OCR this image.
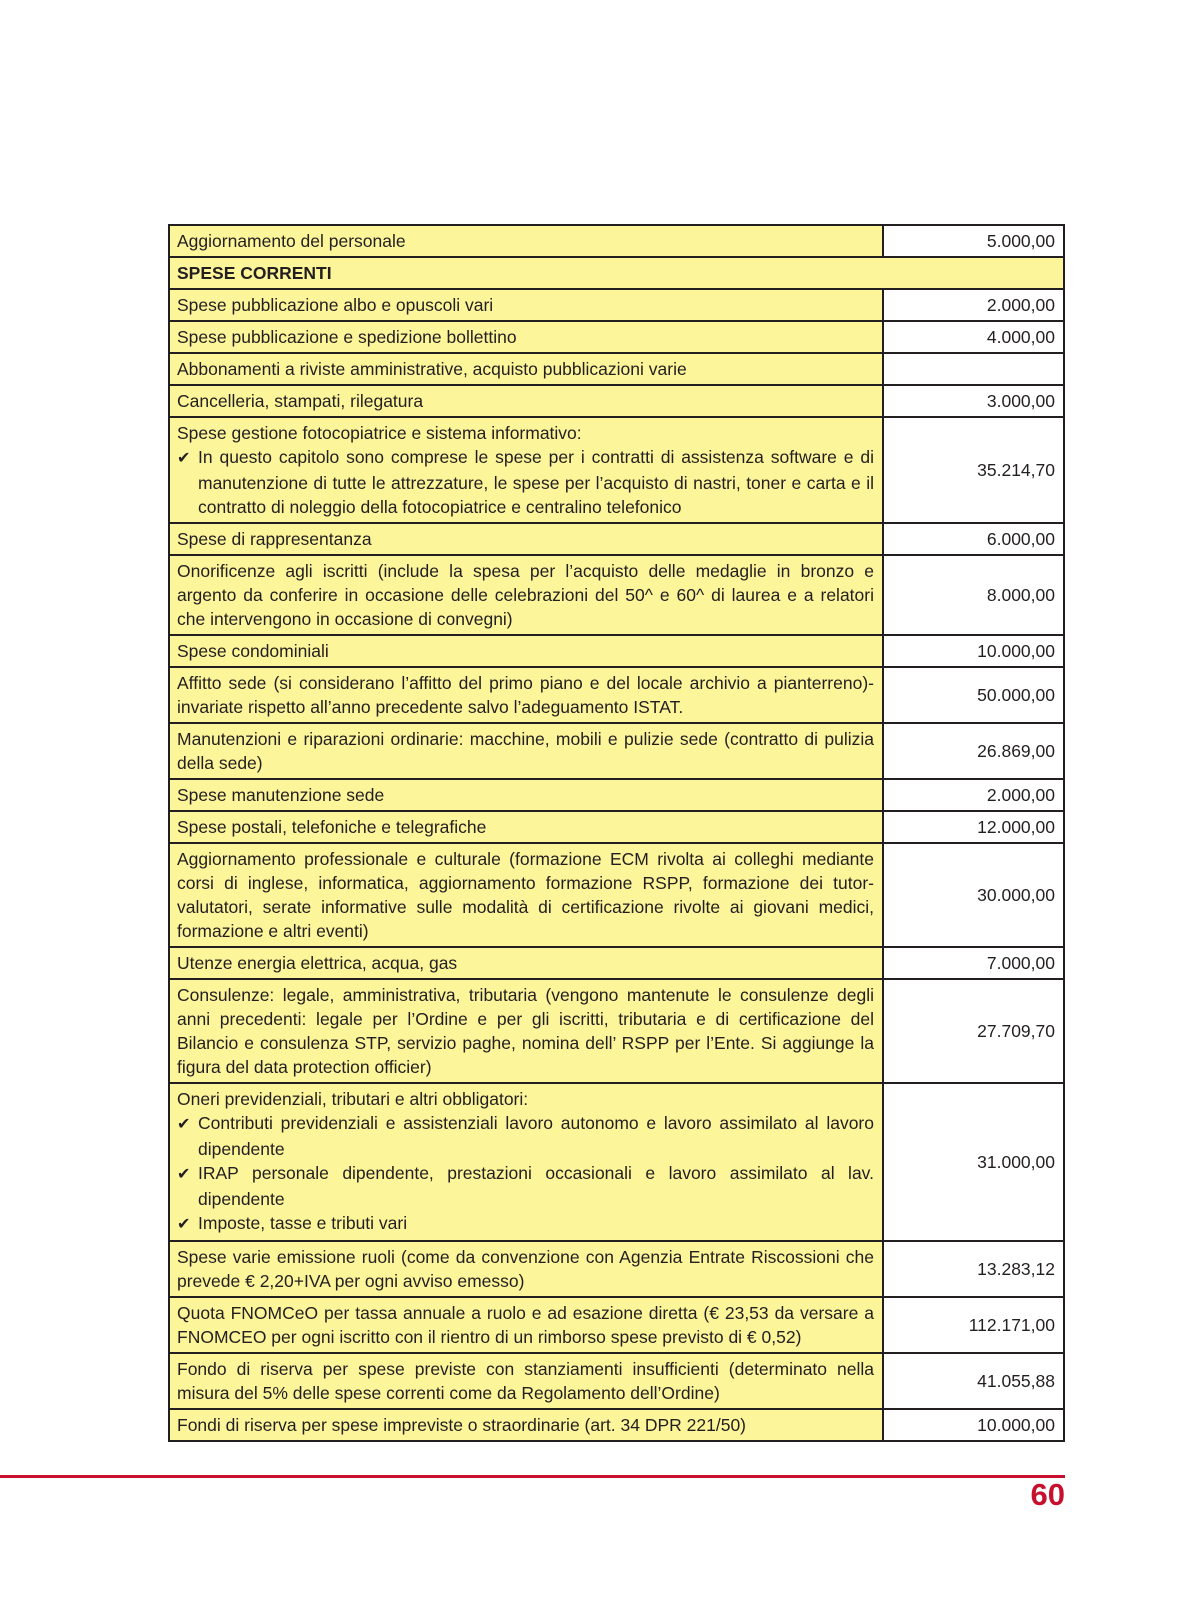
Aggiornamento del personale	5.000,00
SPESE CORRENTI	
Spese pubblicazione albo e opuscoli vari	2.000,00
Spese pubblicazione e spedizione bollettino	4.000,00
Abbonamenti a riviste amministrative, acquisto pubblicazioni varie	
Cancelleria, stampati, rilegatura	3.000,00
Spese gestione fotocopiatrice e sistema informativo:
✔ In questo capitolo sono comprese le spese per i contratti di assistenza software e di manutenzione di tutte le attrezzature, le spese per l’acquisto di nastri, toner e carta e il contratto di noleggio della fotocopiatrice e centralino telefonico	35.214,70
Spese di rappresentanza	6.000,00
Onorificenze agli iscritti (include la spesa per l’acquisto delle medaglie in bronzo e argento da conferire in occasione delle celebrazioni del 50^ e 60^ di laurea e a relatori che intervengono in occasione di convegni)	8.000,00
Spese condominiali	10.000,00
Affitto sede (si considerano l’affitto del primo piano e del locale archivio a pianterreno)- invariate rispetto all’anno precedente salvo l’adeguamento ISTAT.	50.000,00
Manutenzioni e riparazioni ordinarie: macchine, mobili e pulizie sede (contratto di pulizia della sede)	26.869,00
Spese manutenzione sede	2.000,00
Spese postali, telefoniche e telegrafiche	12.000,00
Aggiornamento professionale e culturale (formazione ECM rivolta ai colleghi mediante corsi di inglese, informatica, aggiornamento formazione RSPP, formazione dei tutor-valutatori, serate informative sulle modalità di certificazione rivolte ai giovani medici, formazione e altri eventi)	30.000,00
Utenze energia elettrica, acqua, gas	7.000,00
Consulenze: legale, amministrativa, tributaria (vengono mantenute le consulenze degli anni precedenti: legale per l’Ordine e per gli iscritti, tributaria e di certificazione del Bilancio e consulenza STP, servizio paghe, nomina dell’ RSPP per l’Ente. Si aggiunge la figura del data protection officier)	27.709,70
Oneri previdenziali, tributari e altri obbligatori:
✔ Contributi previdenziali e assistenziali lavoro autonomo e lavoro assimilato al lavoro dipendente
✔ IRAP personale dipendente, prestazioni occasionali e lavoro assimilato al lav. dipendente
✔ Imposte, tasse e tributi vari	31.000,00
Spese varie emissione ruoli (come da convenzione con Agenzia Entrate Riscossioni che prevede € 2,20+IVA per ogni avviso emesso)	13.283,12
Quota FNOMCeO per tassa annuale a ruolo e ad esazione diretta (€ 23,53 da versare a FNOMCEO per ogni iscritto con il rientro di un rimborso spese previsto di € 0,52)	112.171,00
Fondo di riserva per spese previste con stanziamenti insufficienti (determinato nella misura del 5% delle spese correnti come da Regolamento dell’Ordine)	41.055,88
Fondi di riserva per spese impreviste o straordinarie (art. 34 DPR 221/50)	10.000,00
60
